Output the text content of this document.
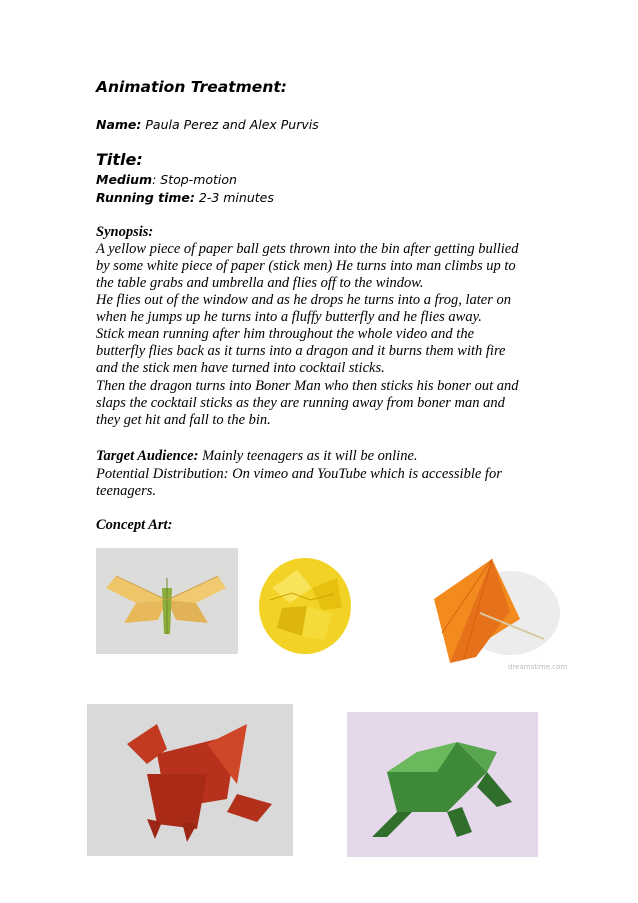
Animation Treatment:
Name: Paula Perez and Alex Purvis
Title:
Medium: Stop-motion
Running time: 2-3 minutes
Synopsis:
A yellow piece of paper ball gets thrown into the bin after getting bullied
by some white piece of paper (stick men) He turns into man climbs up to
the table grabs and umbrella and flies off to the window.
He flies out of the window and as he drops he turns into a frog, later on
when he jumps up he turns into a fluffy butterfly and he flies away.
Stick mean running after him throughout the whole video and the
butterfly flies back as it turns into a dragon and it burns them with fire
and the stick men have turned into cocktail sticks.
Then the dragon turns into Boner Man who then sticks his boner out and
slaps the cocktail sticks as they are running away from boner man and
they get hit and fall to the bin.
Target Audience: Mainly teenagers as it will be online.
Potential Distribution: On vimeo and YouTube which is accessible for
teenagers.
Concept Art:
dreamstime.com
